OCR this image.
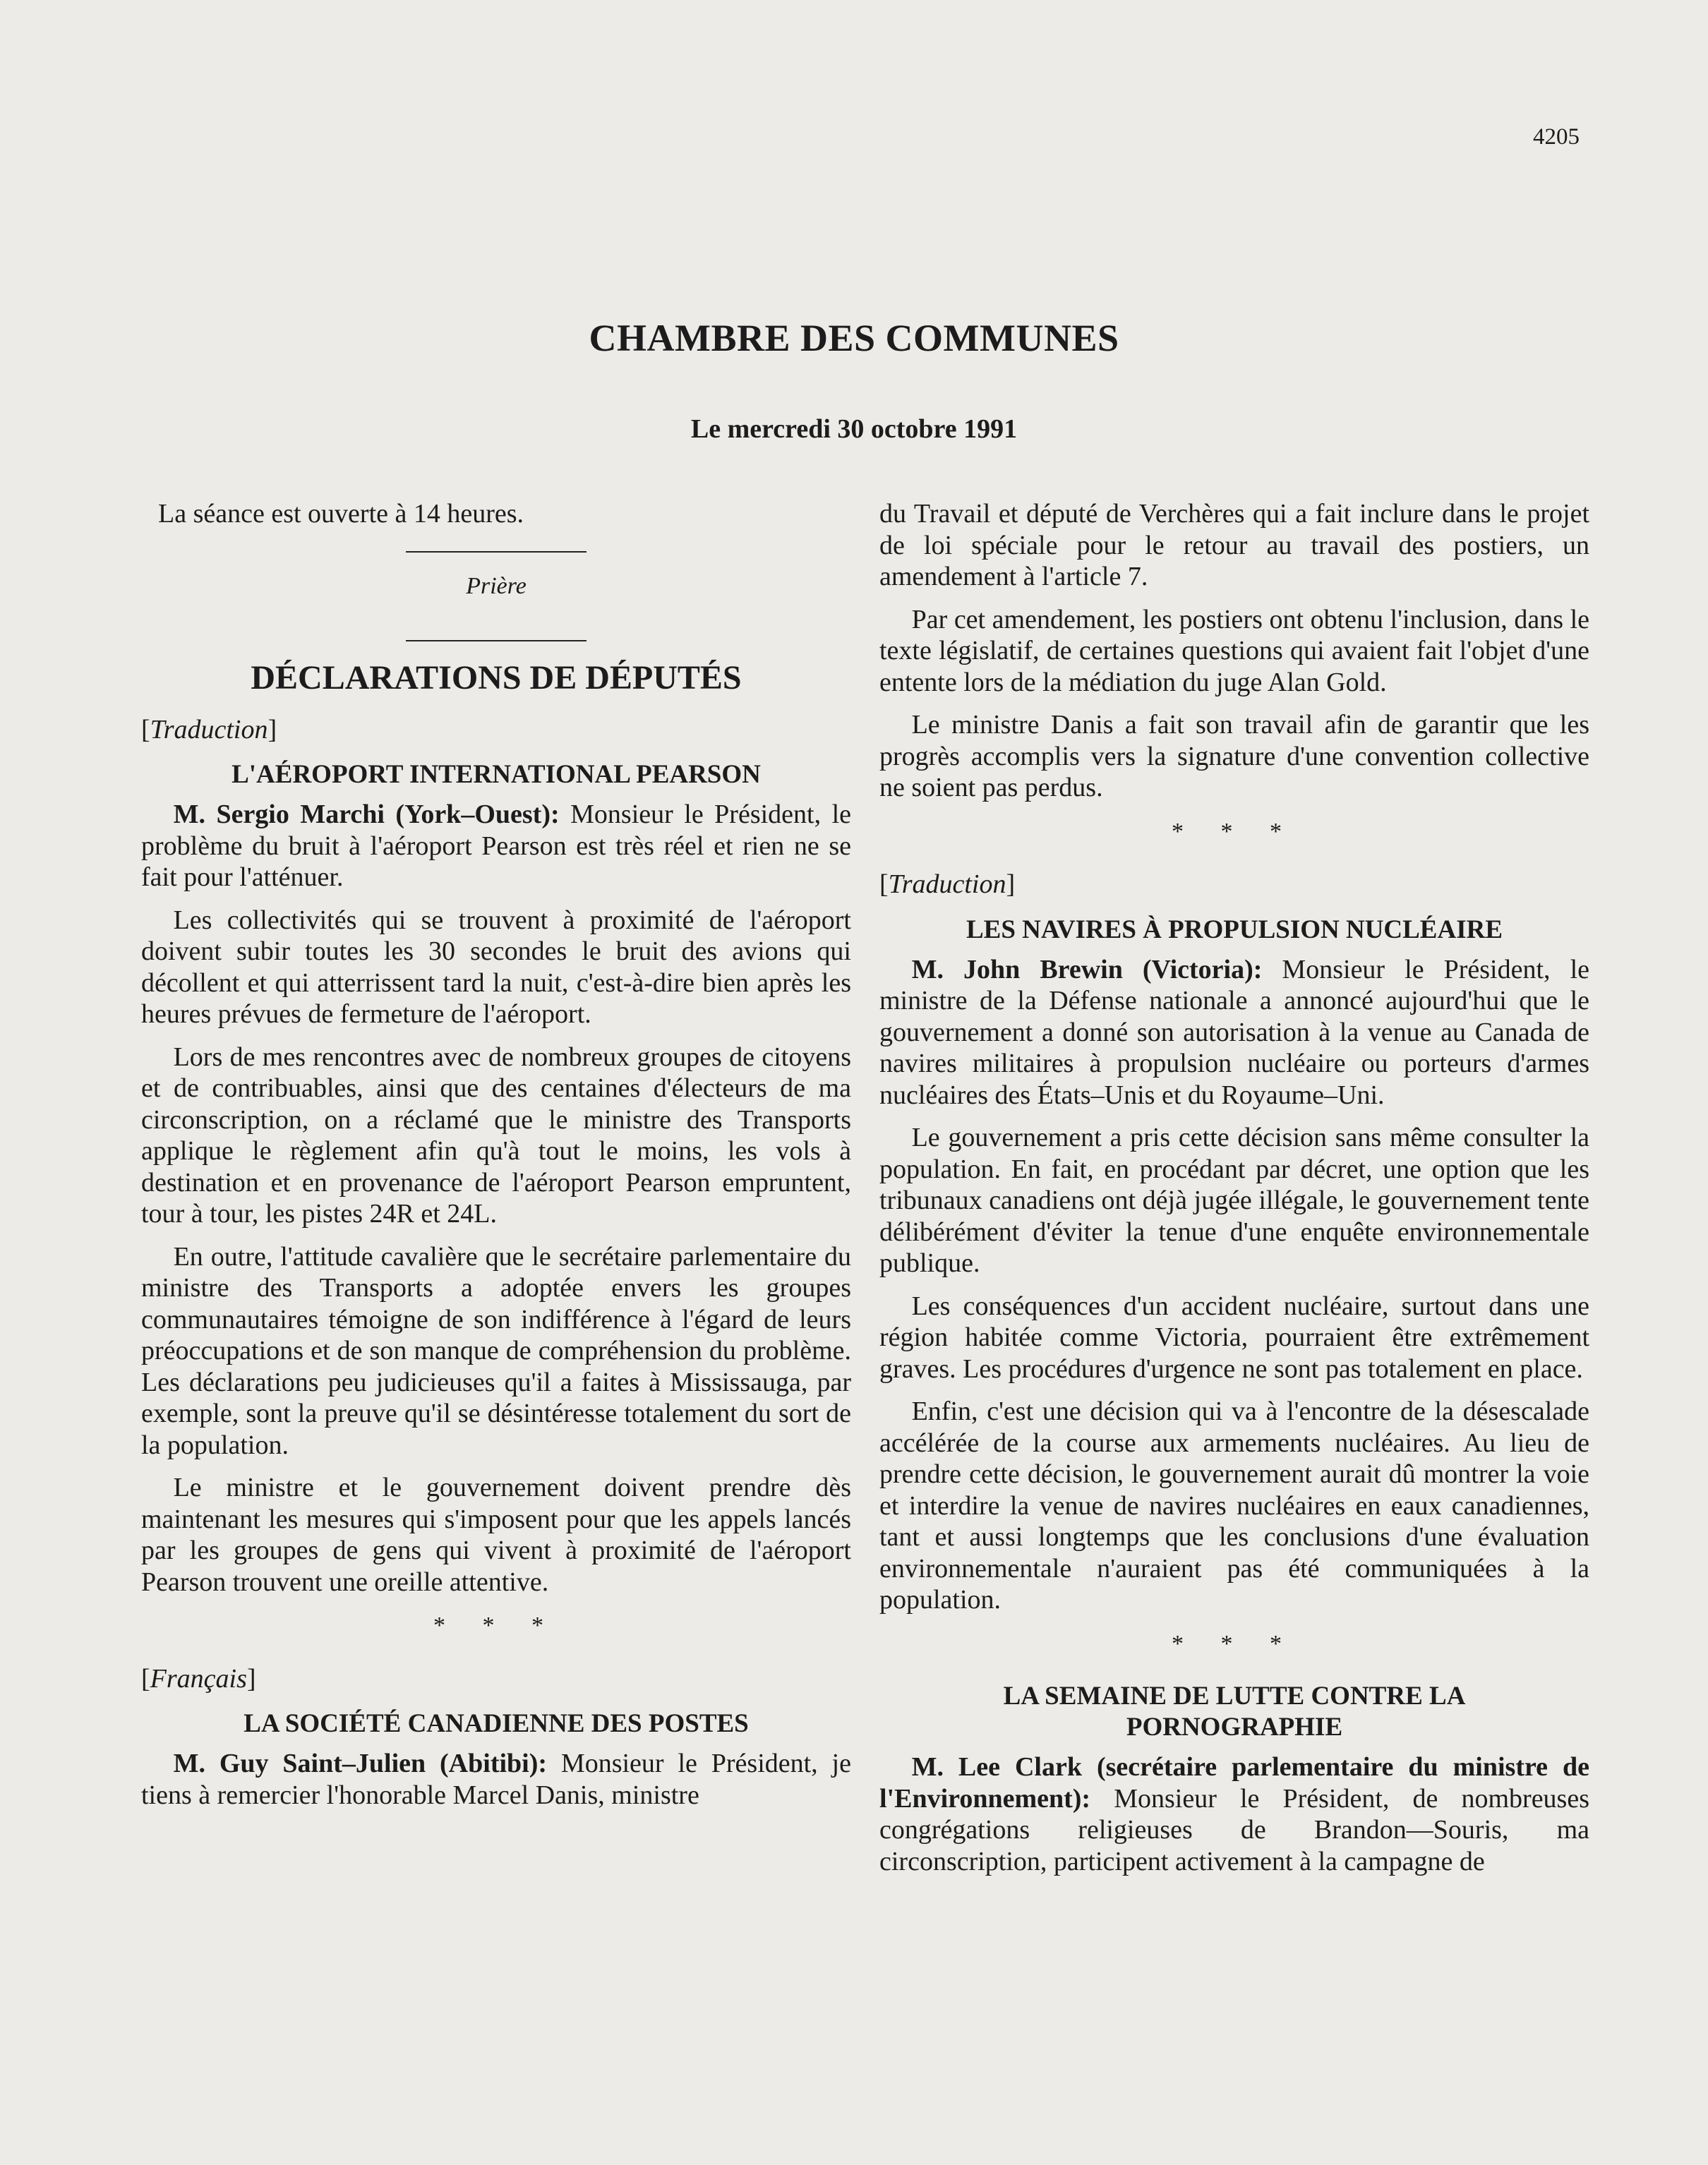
4205
CHAMBRE DES COMMUNES
Le mercredi 30 octobre 1991

La séance est ouverte à 14 heures.

Prière
DÉCLARATIONS DE DÉPUTÉS
[Traduction]
L'AÉROPORT INTERNATIONAL PEARSON

M. Sergio Marchi (York–Ouest): Monsieur le Président, le problème du bruit à l'aéroport Pearson est très réel et rien ne se fait pour l'atténuer.

Les collectivités qui se trouvent à proximité de l'aéroport doivent subir toutes les 30 secondes le bruit des avions qui décollent et qui atterrissent tard la nuit, c'est-à-dire bien après les heures prévues de fermeture de l'aéroport.

Lors de mes rencontres avec de nombreux groupes de citoyens et de contribuables, ainsi que des centaines d'électeurs de ma circonscription, on a réclamé que le ministre des Transports applique le règlement afin qu'à tout le moins, les vols à destination et en provenance de l'aéroport Pearson empruntent, tour à tour, les pistes 24R et 24L.

En outre, l'attitude cavalière que le secrétaire parlementaire du ministre des Transports a adoptée envers les groupes communautaires témoigne de son indifférence à l'égard de leurs préoccupations et de son manque de compréhension du problème. Les déclarations peu judicieuses qu'il a faites à Mississauga, par exemple, sont la preuve qu'il se désintéresse totalement du sort de la population.

Le ministre et le gouvernement doivent prendre dès maintenant les mesures qui s'imposent pour que les appels lancés par les groupes de gens qui vivent à proximité de l'aéroport Pearson trouvent une oreille attentive.

* * *
[Français]
LA SOCIÉTÉ CANADIENNE DES POSTES

M. Guy Saint–Julien (Abitibi): Monsieur le Président, je tiens à remercier l'honorable Marcel Danis, ministre

du Travail et député de Verchères qui a fait inclure dans le projet de loi spéciale pour le retour au travail des postiers, un amendement à l'article 7.

Par cet amendement, les postiers ont obtenu l'inclusion, dans le texte législatif, de certaines questions qui avaient fait l'objet d'une entente lors de la médiation du juge Alan Gold.

Le ministre Danis a fait son travail afin de garantir que les progrès accomplis vers la signature d'une convention collective ne soient pas perdus.

* * *
[Traduction]
LES NAVIRES À PROPULSION NUCLÉAIRE

M. John Brewin (Victoria): Monsieur le Président, le ministre de la Défense nationale a annoncé aujourd'hui que le gouvernement a donné son autorisation à la venue au Canada de navires militaires à propulsion nucléaire ou porteurs d'armes nucléaires des États–Unis et du Royaume–Uni.

Le gouvernement a pris cette décision sans même consulter la population. En fait, en procédant par décret, une option que les tribunaux canadiens ont déjà jugée illégale, le gouvernement tente délibérément d'éviter la tenue d'une enquête environnementale publique.

Les conséquences d'un accident nucléaire, surtout dans une région habitée comme Victoria, pourraient être extrêmement graves. Les procédures d'urgence ne sont pas totalement en place.

Enfin, c'est une décision qui va à l'encontre de la désescalade accélérée de la course aux armements nucléaires. Au lieu de prendre cette décision, le gouvernement aurait dû montrer la voie et interdire la venue de navires nucléaires en eaux canadiennes, tant et aussi longtemps que les conclusions d'une évaluation environnementale n'auraient pas été communiquées à la population.

* * *
LA SEMAINE DE LUTTE CONTRE LA
PORNOGRAPHIE

M. Lee Clark (secrétaire parlementaire du ministre de l'Environnement): Monsieur le Président, de nombreuses congrégations religieuses de Brandon—Souris, ma circonscription, participent activement à la campagne de
